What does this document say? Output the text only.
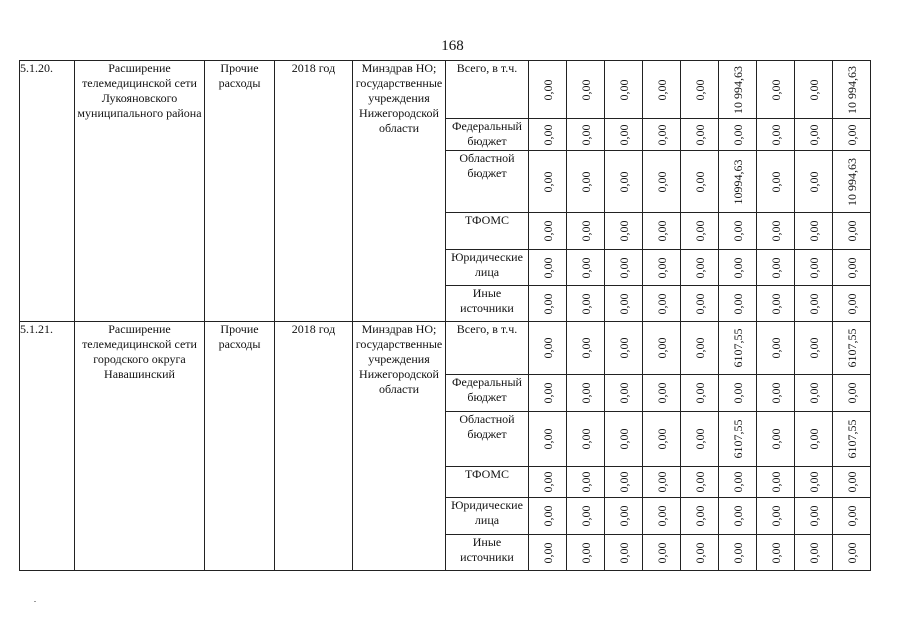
168
5.1.20.	Расширение телемедицинской сети Лукояновского муниципального района	Прочие расходы	2018 год	Минздрав НО; государственные учреждения Нижегородской области	Всего, в т.ч.	0,00	0,00	0,00	0,00	0,00	10 994,63	0,00	0,00	10 994,63

					Федеральный бюджет	0,00	0,00	0,00	0,00	0,00	0,00	0,00	0,00	0,00

					Областной бюджет	0,00	0,00	0,00	0,00	0,00	10994,63	0,00	0,00	10 994,63

					ТФОМС	0,00	0,00	0,00	0,00	0,00	0,00	0,00	0,00	0,00

					Юридические лица	0,00	0,00	0,00	0,00	0,00	0,00	0,00	0,00	0,00

					Иные источники	0,00	0,00	0,00	0,00	0,00	0,00	0,00	0,00	0,00

5.1.21.	Расширение телемедицинской сети городского округа Навашинский	Прочие расходы	2018 год	Минздрав НО; государственные учреждения Нижегородской области	Всего, в т.ч.	0,00	0,00	0,00	0,00	0,00	6107,55	0,00	0,00	6107,55

					Федеральный бюджет	0,00	0,00	0,00	0,00	0,00	0,00	0,00	0,00	0,00

					Областной бюджет	0,00	0,00	0,00	0,00	0,00	6107,55	0,00	0,00	6107,55

					ТФОМС	0,00	0,00	0,00	0,00	0,00	0,00	0,00	0,00	0,00

					Юридические лица	0,00	0,00	0,00	0,00	0,00	0,00	0,00	0,00	0,00

					Иные источники	0,00	0,00	0,00	0,00	0,00	0,00	0,00	0,00	0,00
